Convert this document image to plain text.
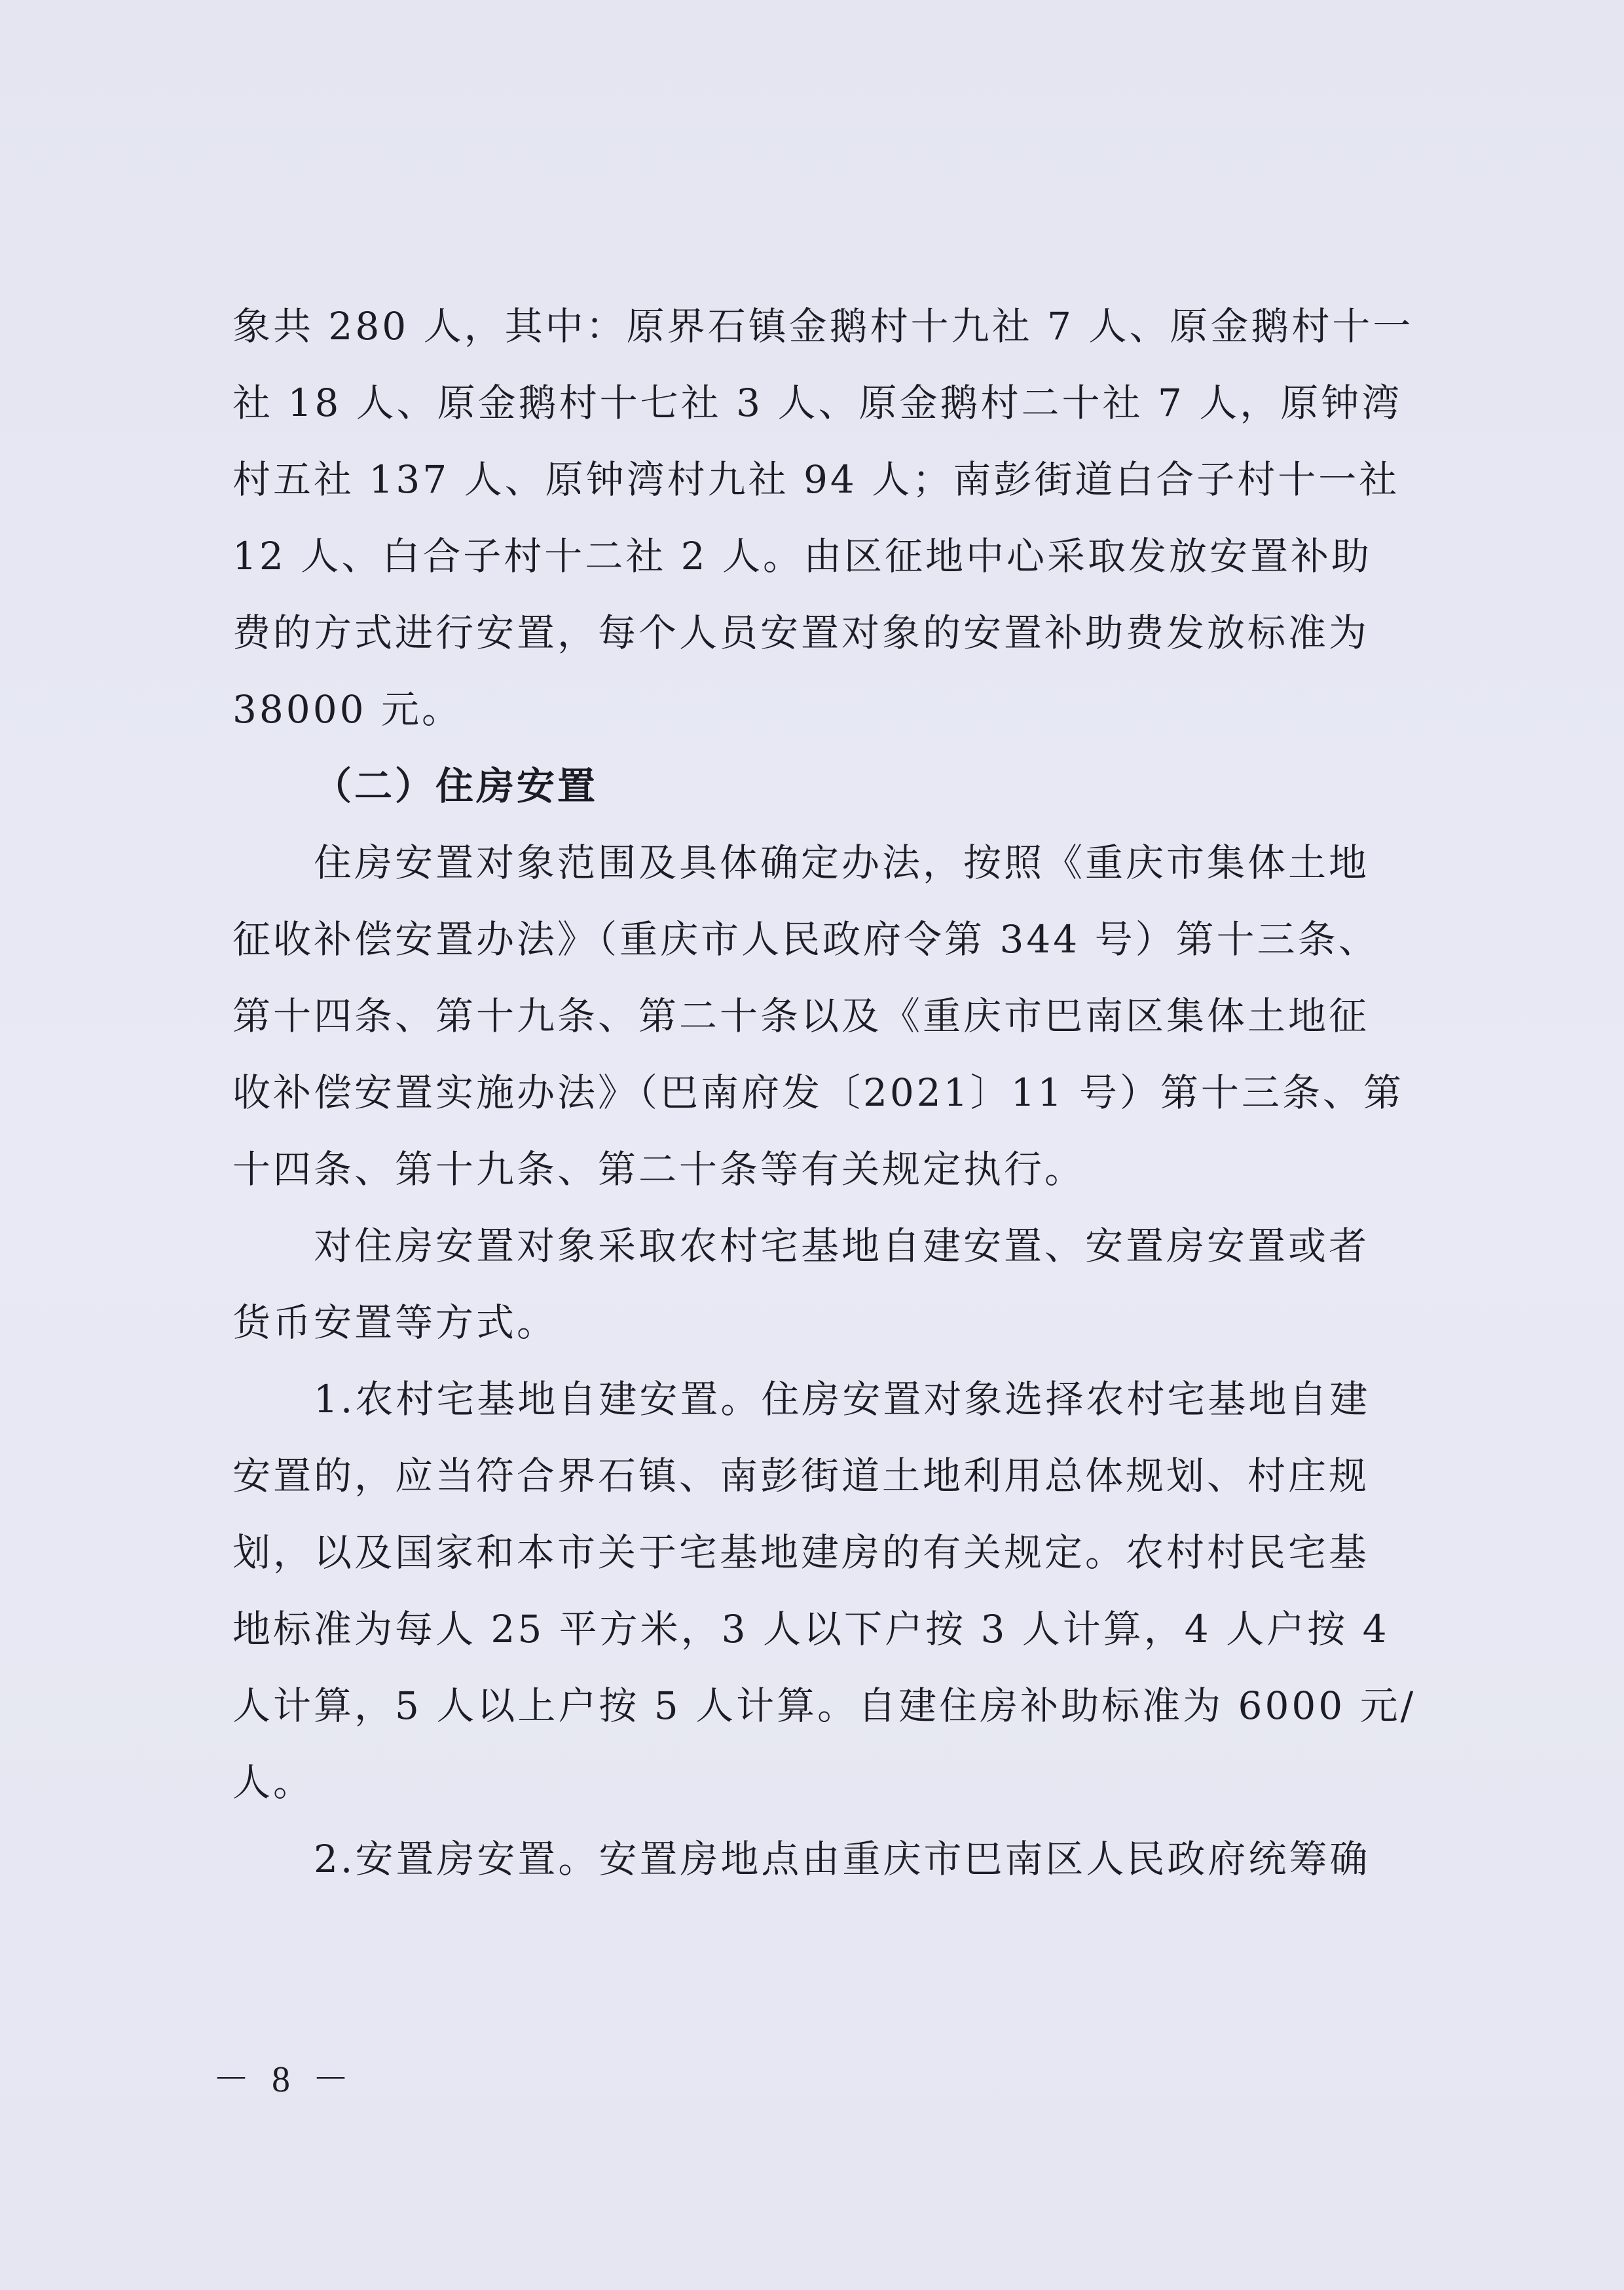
象共 280 人，其中：原界石镇金鹅村十九社 7 人、原金鹅村十一
社 18 人、原金鹅村十七社 3 人、原金鹅村二十社 7 人，原钟湾
村五社 137 人、原钟湾村九社 94 人；南彭街道白合子村十一社
12 人、白合子村十二社 2 人。由区征地中心采取发放安置补助
费的方式进行安置，每个人员安置对象的安置补助费发放标准为
38000 元。

（二）住房安置

住房安置对象范围及具体确定办法，按照《重庆市集体土地
征收补偿安置办法》（重庆市人民政府令第 344 号）第十三条、
第十四条、第十九条、第二十条以及《重庆市巴南区集体土地征
收补偿安置实施办法》（巴南府发〔2021〕11 号）第十三条、第
十四条、第十九条、第二十条等有关规定执行。

对住房安置对象采取农村宅基地自建安置、安置房安置或者
货币安置等方式。

1.农村宅基地自建安置。住房安置对象选择农村宅基地自建
安置的，应当符合界石镇、南彭街道土地利用总体规划、村庄规
划，以及国家和本市关于宅基地建房的有关规定。农村村民宅基
地标准为每人 25 平方米，3 人以下户按 3 人计算，4 人户按 4
人计算，5 人以上户按 5 人计算。自建住房补助标准为 6000 元/
人。

2.安置房安置。安置房地点由重庆市巴南区人民政府统筹确

－ 8 －
